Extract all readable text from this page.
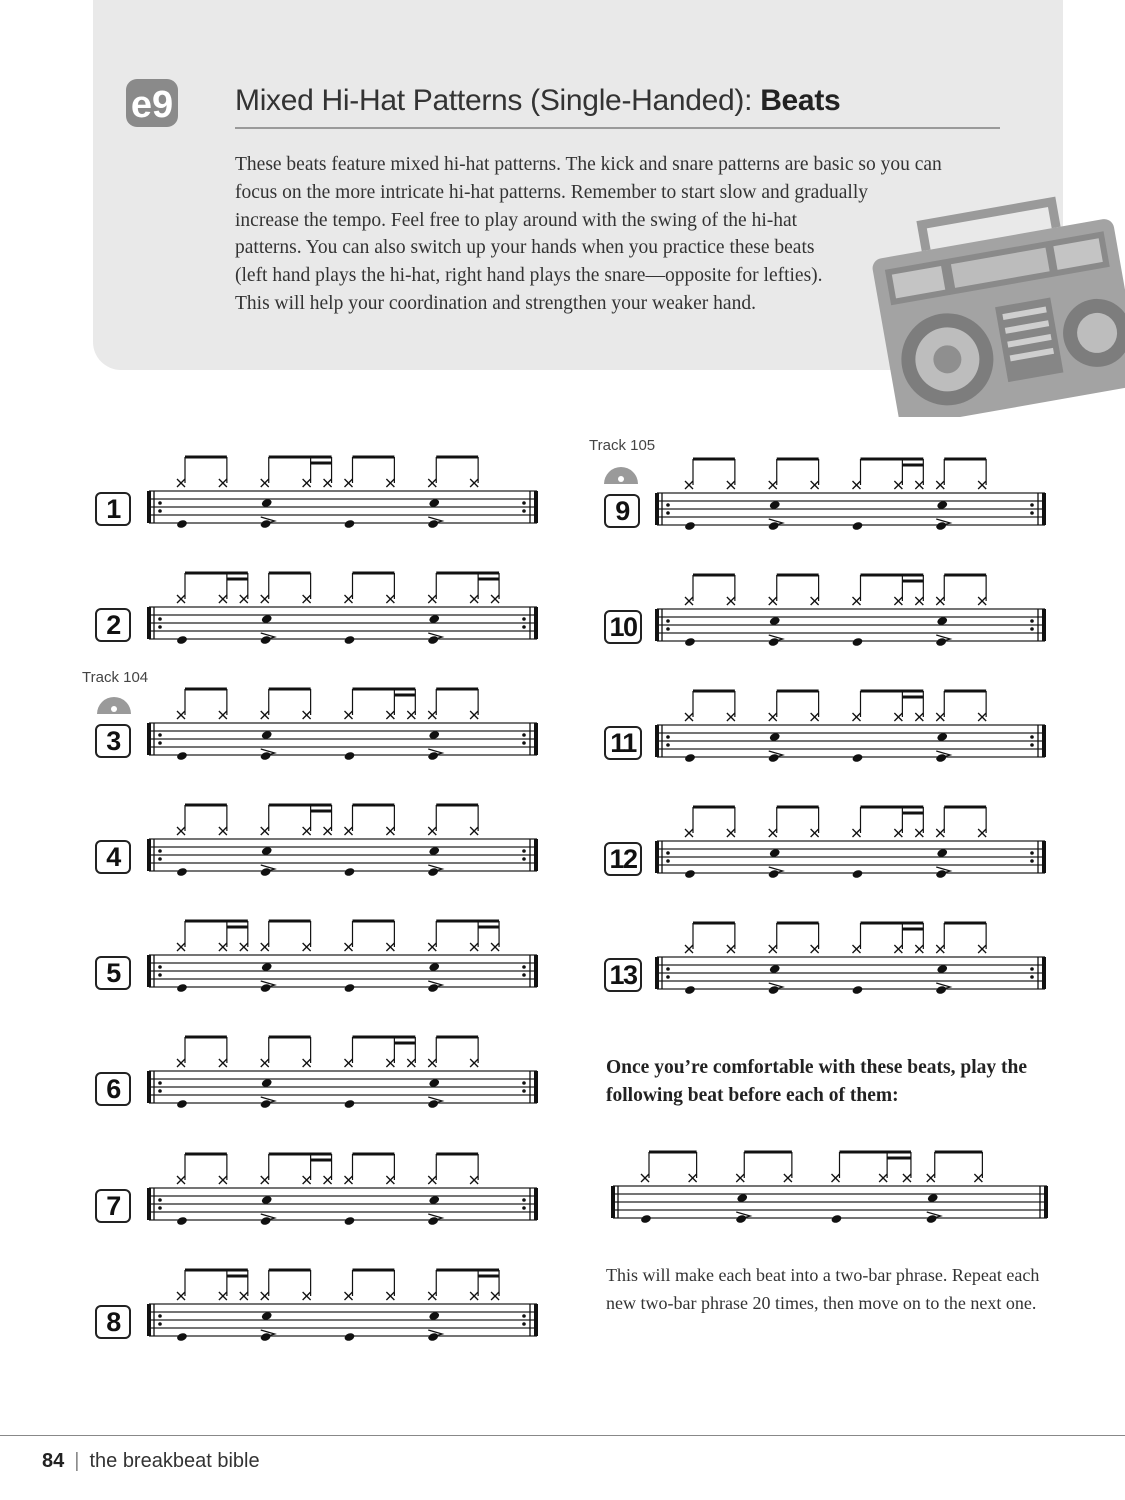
e9 Mixed Hi-Hat Patterns (Single-Handed): Beats
These beats feature mixed hi-hat patterns. The kick and snare patterns are basic so you can
focus on the more intricate hi-hat patterns. Remember to start slow and gradually
increase the tempo. Feel free to play around with the swing of the hi-hat
patterns. You can also switch up your hands when you practice these beats
(left hand plays the hi-hat, right hand plays the snare—opposite for lefties).
This will help your coordination and strengthen your weaker hand.
Track 104
Track 105
1
2
3
4
5
6
7
8
9
10
11
12
13
Once you’re comfortable with these beats, play the
following beat before each of them:
This will make each beat into a two-bar phrase. Repeat each
new two-bar phrase 20 times, then move on to the next one.
84 | the breakbeat bible
